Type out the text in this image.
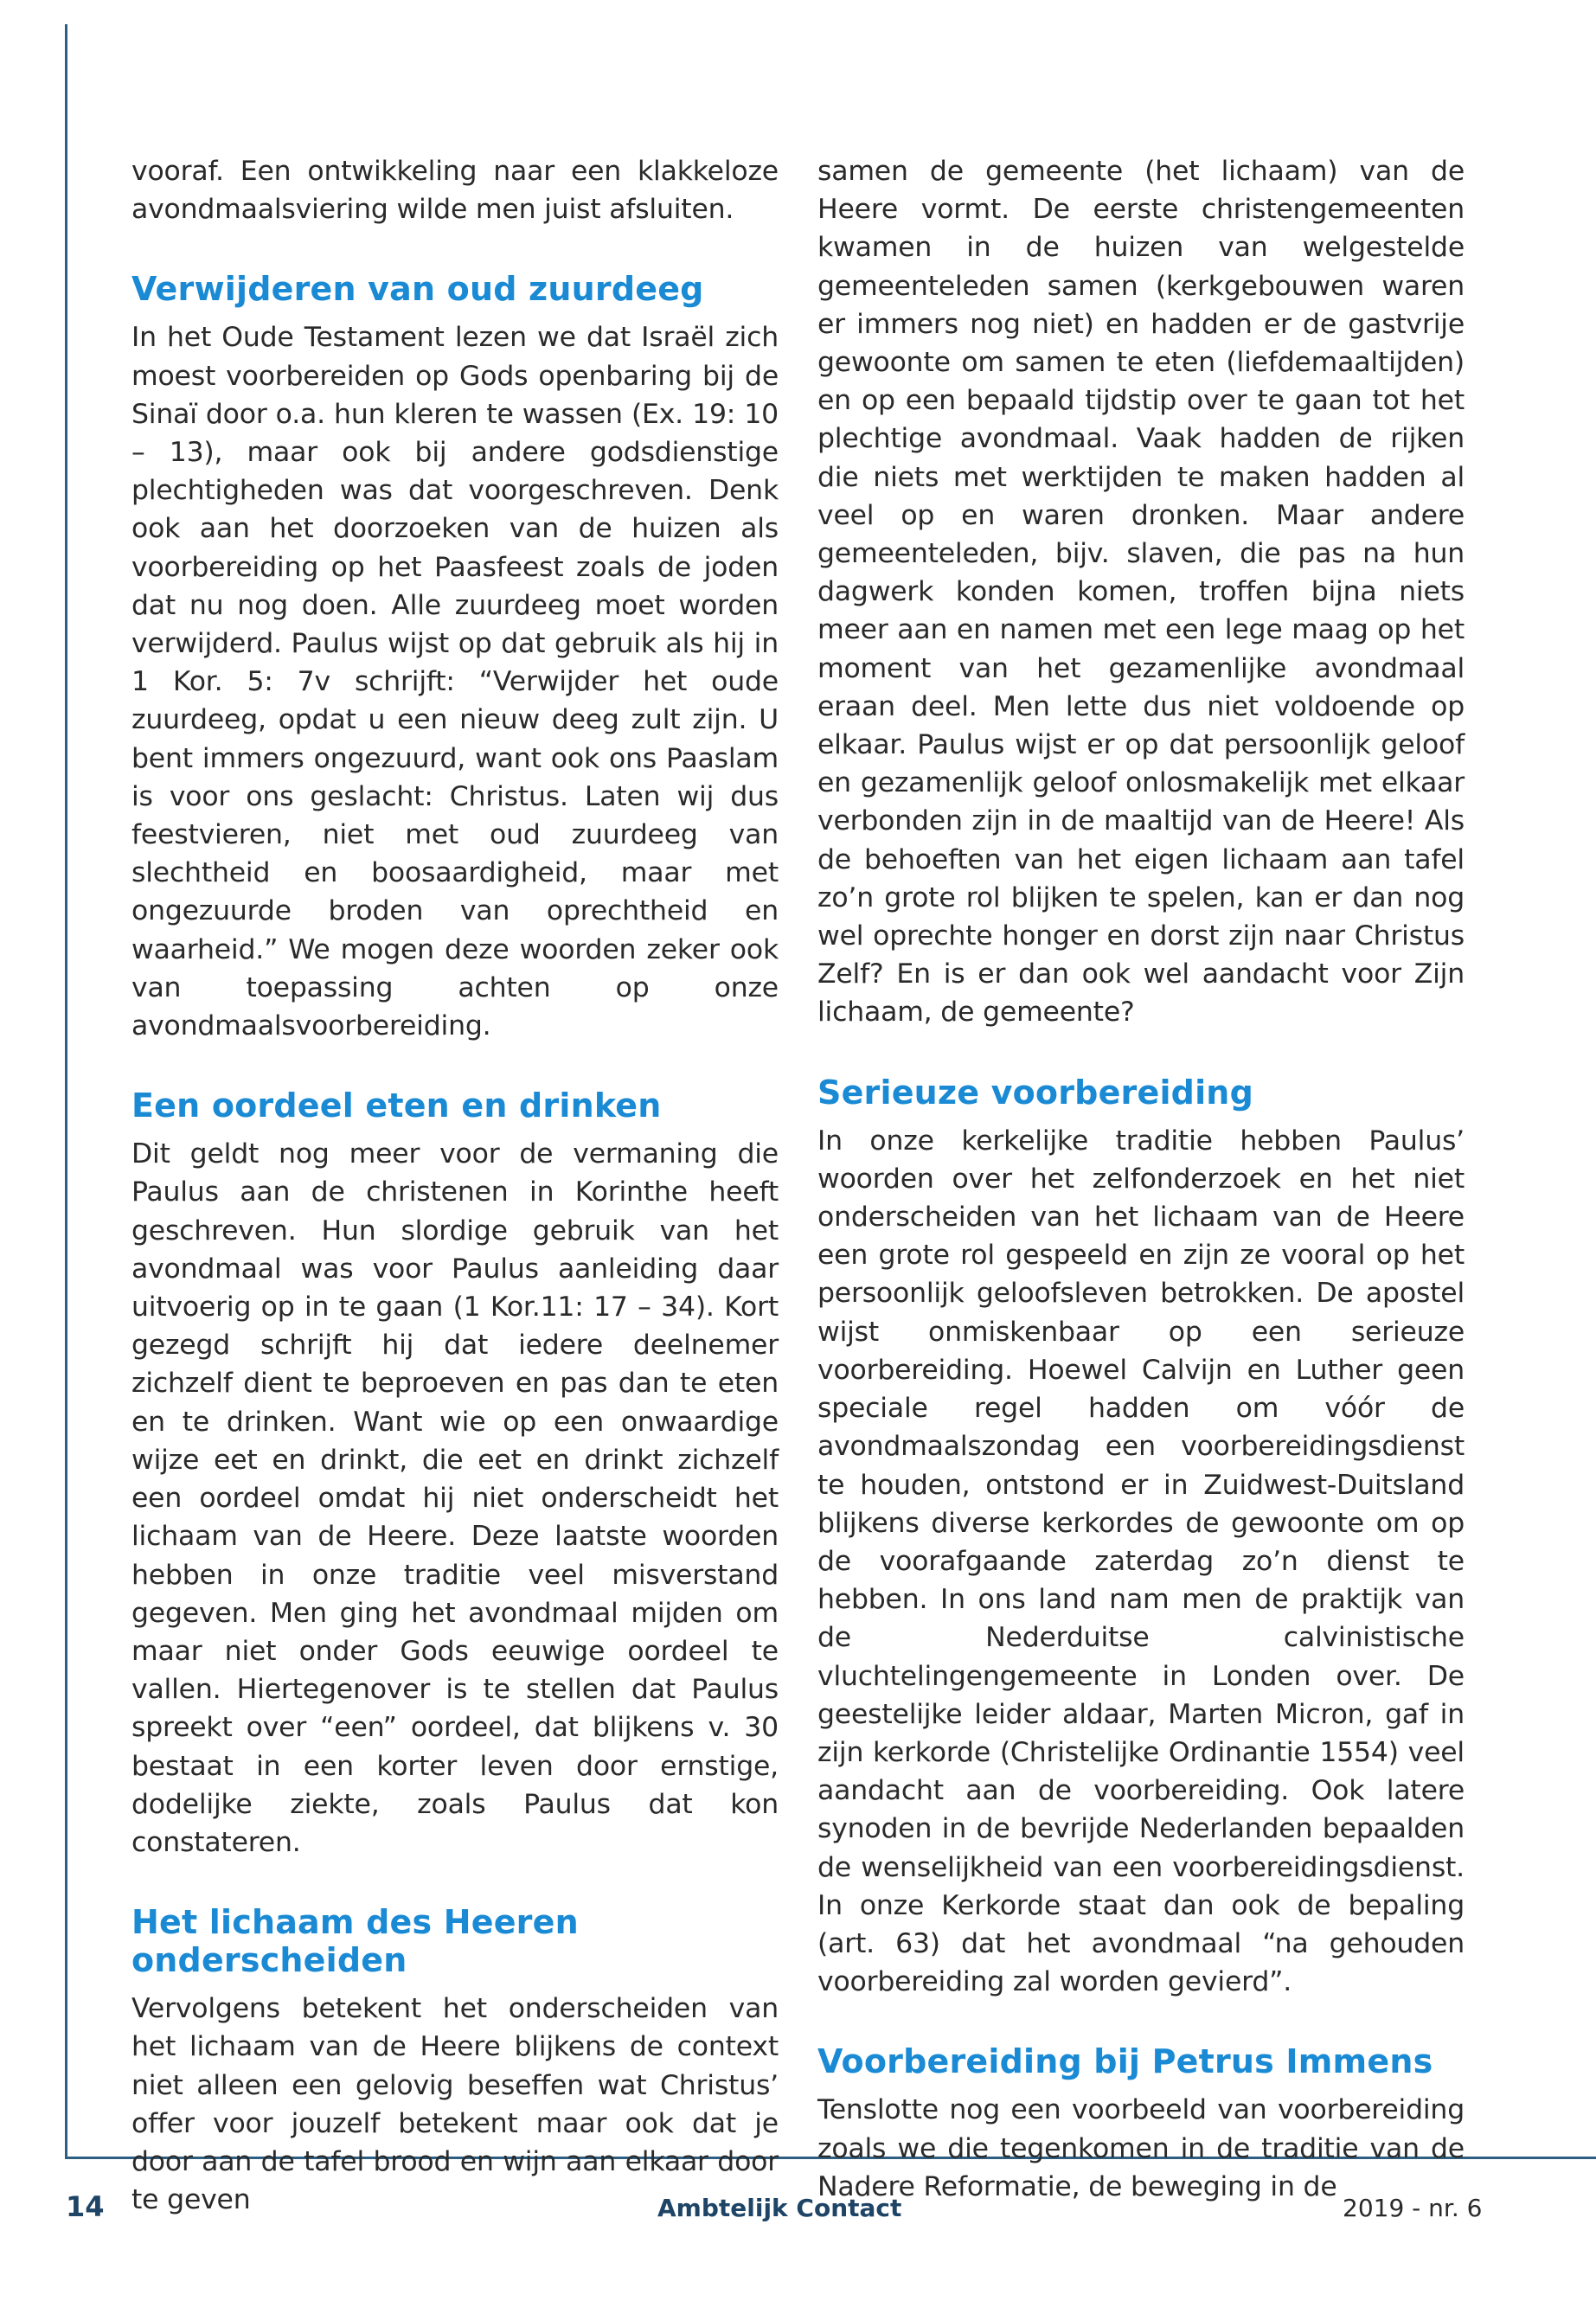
vooraf. Een ontwikkeling naar een klakkeloze avondmaalsviering wilde men juist afsluiten.

Verwijderen van oud zuurdeeg

In het Oude Testament lezen we dat Israël zich moest voorbereiden op Gods openbaring bij de Sinaï door o.a. hun kleren te wassen (Ex. 19: 10 – 13), maar ook bij andere godsdienstige plechtigheden was dat voorgeschreven. Denk ook aan het doorzoeken van de huizen als voorbereiding op het Paasfeest zoals de joden dat nu nog doen. Alle zuurdeeg moet worden verwijderd. Paulus wijst op dat gebruik als hij in 1 Kor. 5: 7v schrijft: “Verwijder het oude zuurdeeg, opdat u een nieuw deeg zult zijn. U bent immers ongezuurd, want ook ons Paaslam is voor ons geslacht: Christus. Laten wij dus feestvieren, niet met oud zuurdeeg van slechtheid en boosaardigheid, maar met ongezuurde broden van oprechtheid en waarheid.” We mogen deze woorden zeker ook van toepassing achten op onze avondmaalsvoorbereiding.

Een oordeel eten en drinken

Dit geldt nog meer voor de vermaning die Paulus aan de christenen in Korinthe heeft geschreven. Hun slordige gebruik van het avondmaal was voor Paulus aanleiding daar uitvoerig op in te gaan (1 Kor.11: 17 – 34). Kort gezegd schrijft hij dat iedere deelnemer zichzelf dient te beproeven en pas dan te eten en te drinken. Want wie op een onwaardige wijze eet en drinkt, die eet en drinkt zichzelf een oordeel omdat hij niet onderscheidt het lichaam van de Heere. Deze laatste woorden hebben in onze traditie veel misverstand gegeven. Men ging het avondmaal mijden om maar niet onder Gods eeuwige oordeel te vallen. Hiertegenover is te stellen dat Paulus spreekt over “een” oordeel, dat blijkens v. 30 bestaat in een korter leven door ernstige, dodelijke ziekte, zoals Paulus dat kon constateren.

Het lichaam des Heeren
onderscheiden

Vervolgens betekent het onderscheiden van het lichaam van de Heere blijkens de context niet alleen een gelovig beseffen wat Christus’ offer voor jouzelf betekent maar ook dat je door aan de tafel brood en wijn aan elkaar door te geven

samen de gemeente (het lichaam) van de Heere vormt. De eerste christengemeenten kwamen in de huizen van welgestelde gemeenteleden samen (kerkgebouwen waren er immers nog niet) en hadden er de gastvrije gewoonte om samen te eten (liefdemaaltijden) en op een bepaald tijdstip over te gaan tot het plechtige avondmaal. Vaak hadden de rijken die niets met werktijden te maken hadden al veel op en waren dronken. Maar andere gemeenteleden, bijv. slaven, die pas na hun dagwerk konden komen, troffen bijna niets meer aan en namen met een lege maag op het moment van het gezamenlijke avondmaal eraan deel. Men lette dus niet voldoende op elkaar. Paulus wijst er op dat persoonlijk geloof en gezamenlijk geloof onlosmakelijk met elkaar verbonden zijn in de maaltijd van de Heere! Als de behoeften van het eigen lichaam aan tafel zo’n grote rol blijken te spelen, kan er dan nog wel oprechte honger en dorst zijn naar Christus Zelf? En is er dan ook wel aandacht voor Zijn lichaam, de gemeente?

Serieuze voorbereiding

In onze kerkelijke traditie hebben Paulus’ woorden over het zelfonderzoek en het niet onderscheiden van het lichaam van de Heere een grote rol gespeeld en zijn ze vooral op het persoonlijk geloofsleven betrokken. De apostel wijst onmiskenbaar op een serieuze voorbereiding. Hoewel Calvijn en Luther geen speciale regel hadden om vóór de avondmaalszondag een voorbereidingsdienst te houden, ontstond er in Zuidwest-Duitsland blijkens diverse kerkordes de gewoonte om op de voorafgaande zaterdag zo’n dienst te hebben. In ons land nam men de praktijk van de Nederduitse calvinistische vluchtelingengemeente in Londen over. De geestelijke leider aldaar, Marten Micron, gaf in zijn kerkorde (Christelijke Ordinantie 1554) veel aandacht aan de voorbereiding. Ook latere synoden in de bevrijde Nederlanden bepaalden de wenselijkheid van een voorbereidingsdienst. In onze Kerkorde staat dan ook de bepaling (art. 63) dat het avondmaal “na gehouden voorbereiding zal worden gevierd”.

Voorbereiding bij Petrus Immens

Tenslotte nog een voorbeeld van voorbereiding zoals we die tegenkomen in de traditie van de Nadere Reformatie, de beweging in de

14	Ambtelijk Contact	2019 - nr. 6
